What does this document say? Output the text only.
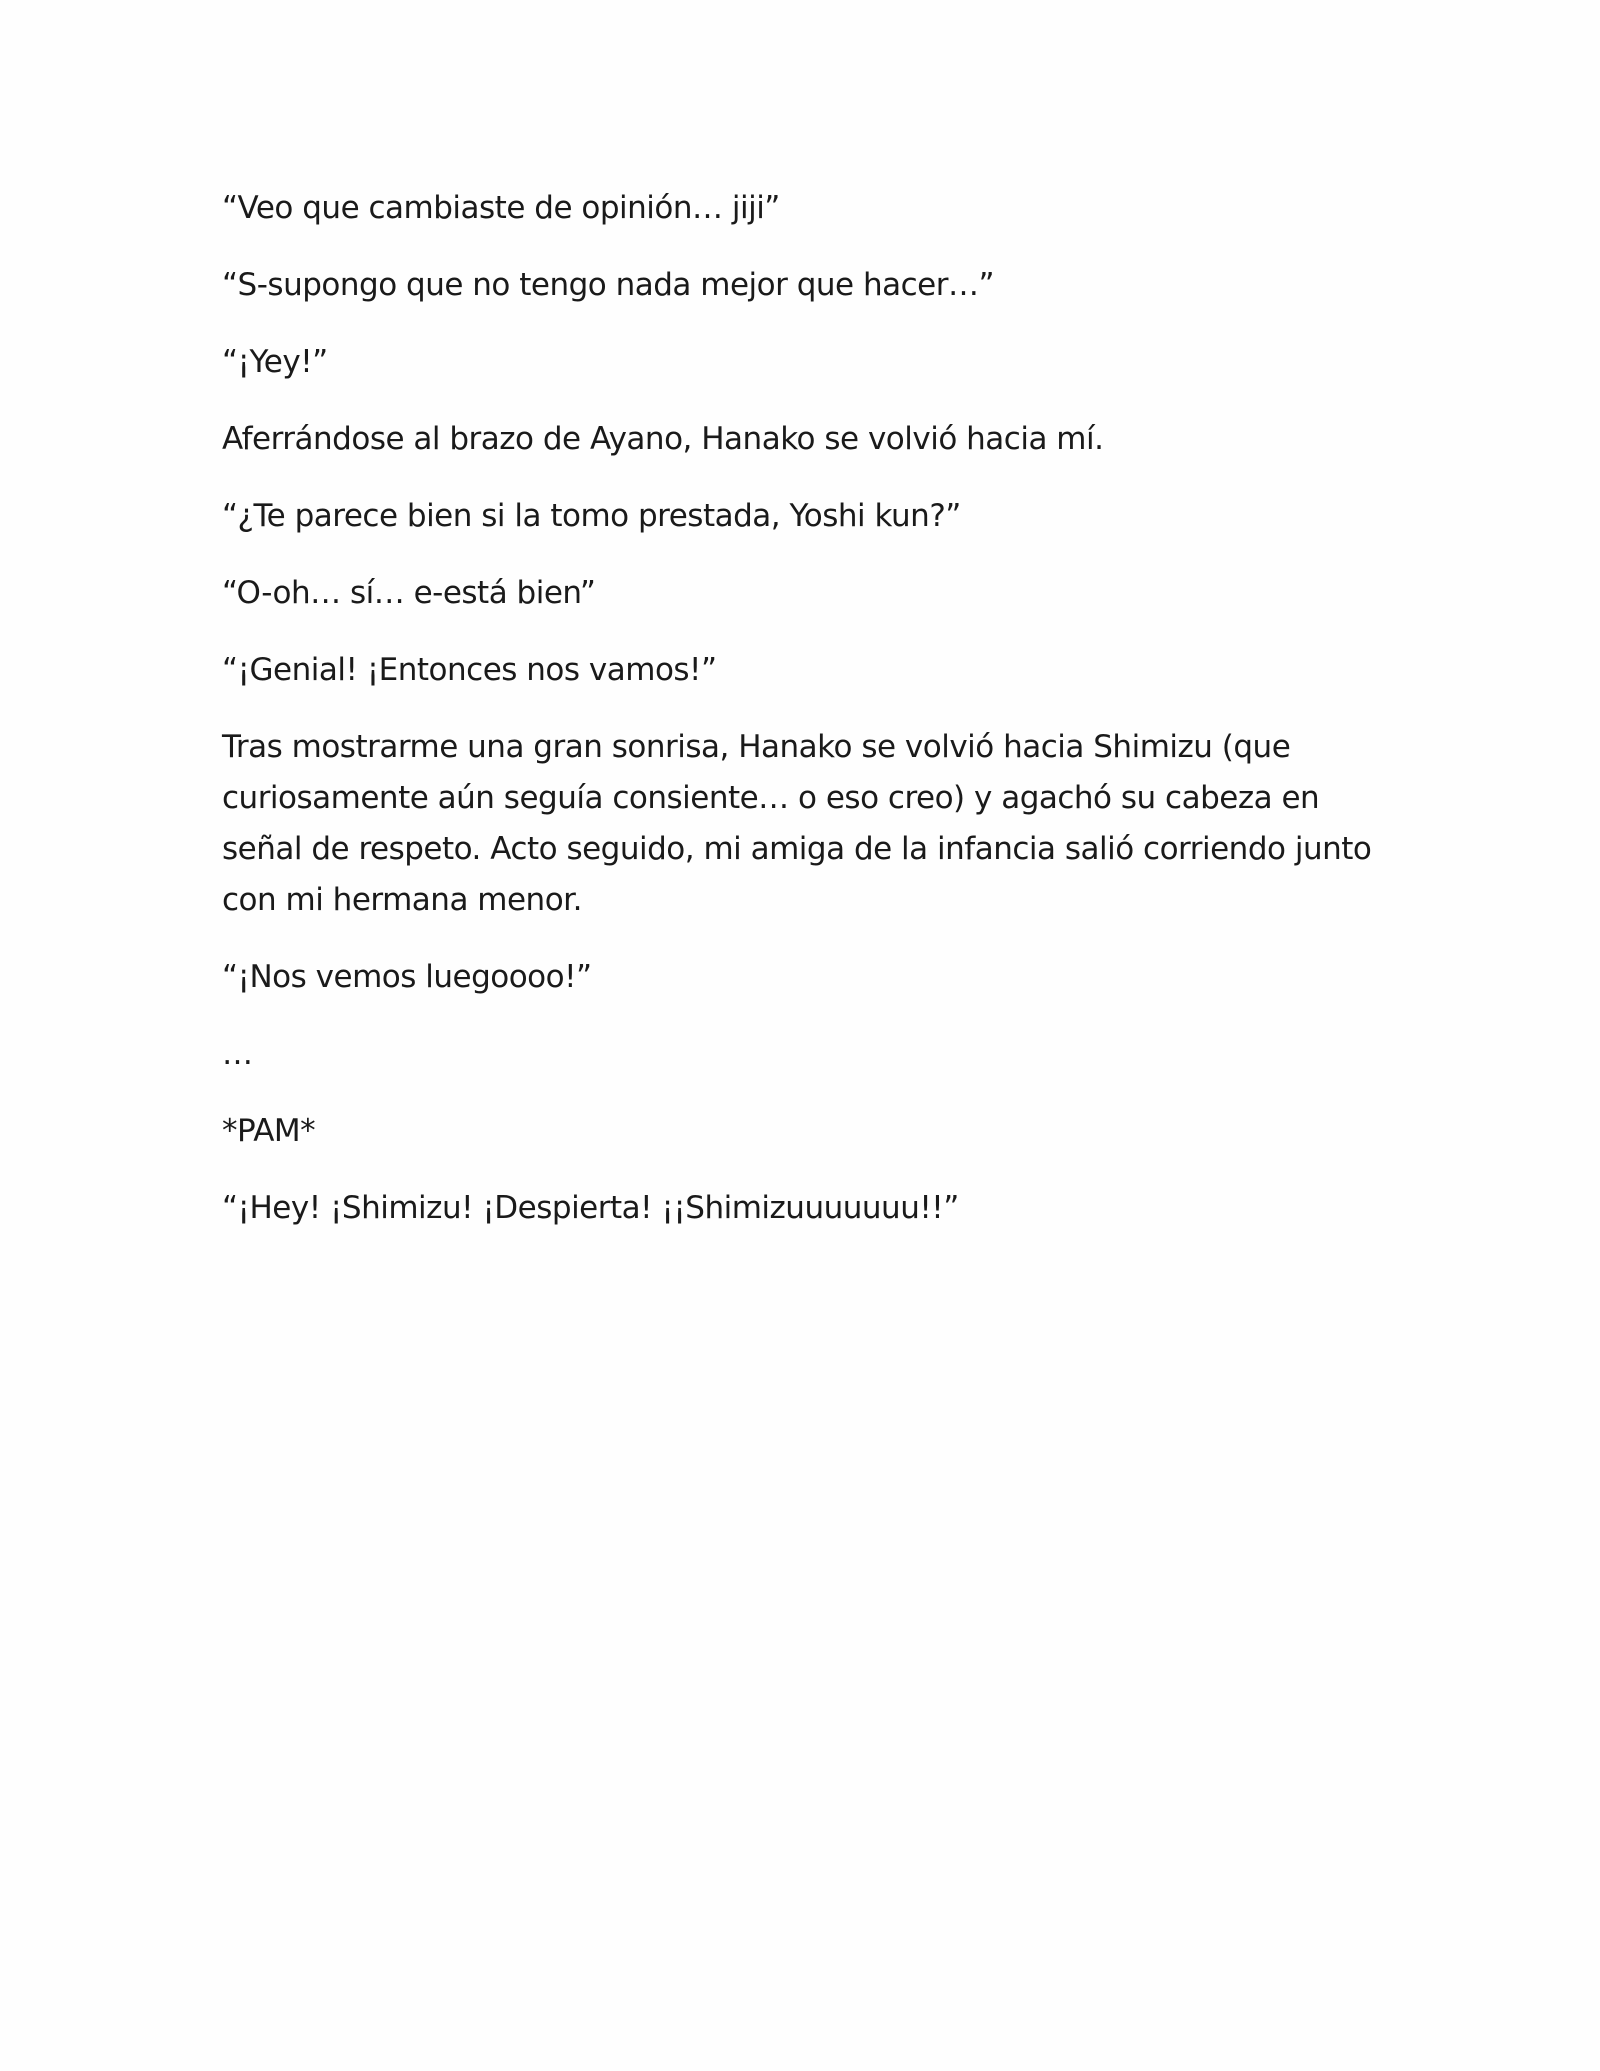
“Veo que cambiaste de opinión… jiji”

“S-supongo que no tengo nada mejor que hacer…”

“¡Yey!”

Aferrándose al brazo de Ayano, Hanako se volvió hacia mí.

“¿Te parece bien si la tomo prestada, Yoshi kun?”

“O-oh… sí… e-está bien”

“¡Genial! ¡Entonces nos vamos!”

Tras mostrarme una gran sonrisa, Hanako se volvió hacia Shimizu (que curiosamente aún seguía consiente… o eso creo) y agachó su cabeza en señal de respeto. Acto seguido, mi amiga de la infancia salió corriendo junto con mi hermana menor.

“¡Nos vemos luegoooo!”

…

*PAM*

“¡Hey! ¡Shimizu! ¡Despierta! ¡¡Shimizuuuuuuu!!”
